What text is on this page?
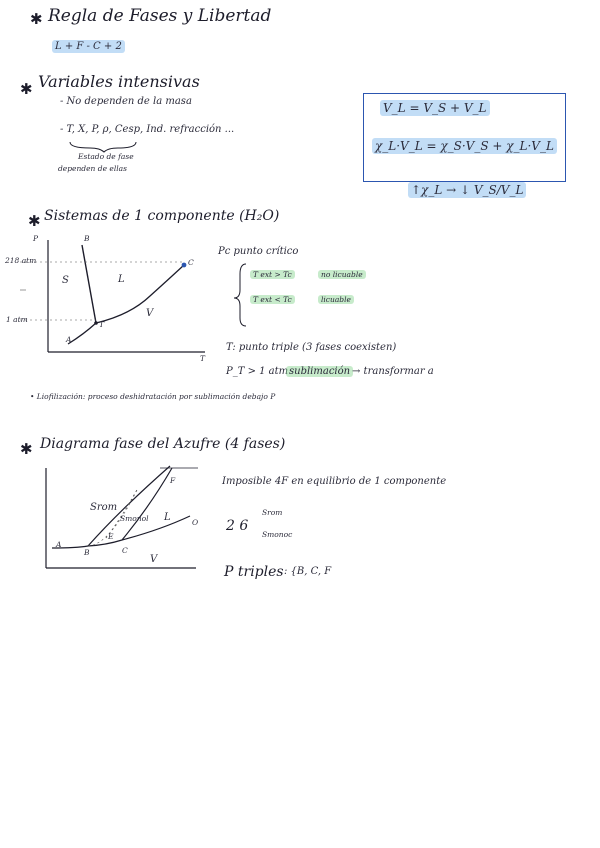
✱ Regla de Fases y Libertad
L + F - C + 2
✱ Variables intensivas
- No dependen de la masa
- T, X, P, ρ, Cesp, Ind. refracción ...
Estado de fase
dependen de ellas
V_L = V_S + V_L
χ_L·V_L = χ_S·V_S + χ_L·V_L
↑χ_L → ↓ V_S/V_L
✱ Sistemas de 1 componente (H₂O)
P	B
218 atm
1 atm
S	L
V
C
T
A
T
Pc punto crítico
T ext > Tc	no licuable
T ext < Tc	licuable
T: punto triple (3 fases coexisten)
P_T > 1 atm sublimación → transformar a
• Liofilización: proceso deshidratación por sublimación debajo P
✱ Diagrama fase del Azufre (4 fases)
Srom
Smonol L
V
A
B	C
E
F
O
Imposible 4F en equilibrio de 1 componente
2 6
Srom
Smonoc
P triples : {B, C, F
